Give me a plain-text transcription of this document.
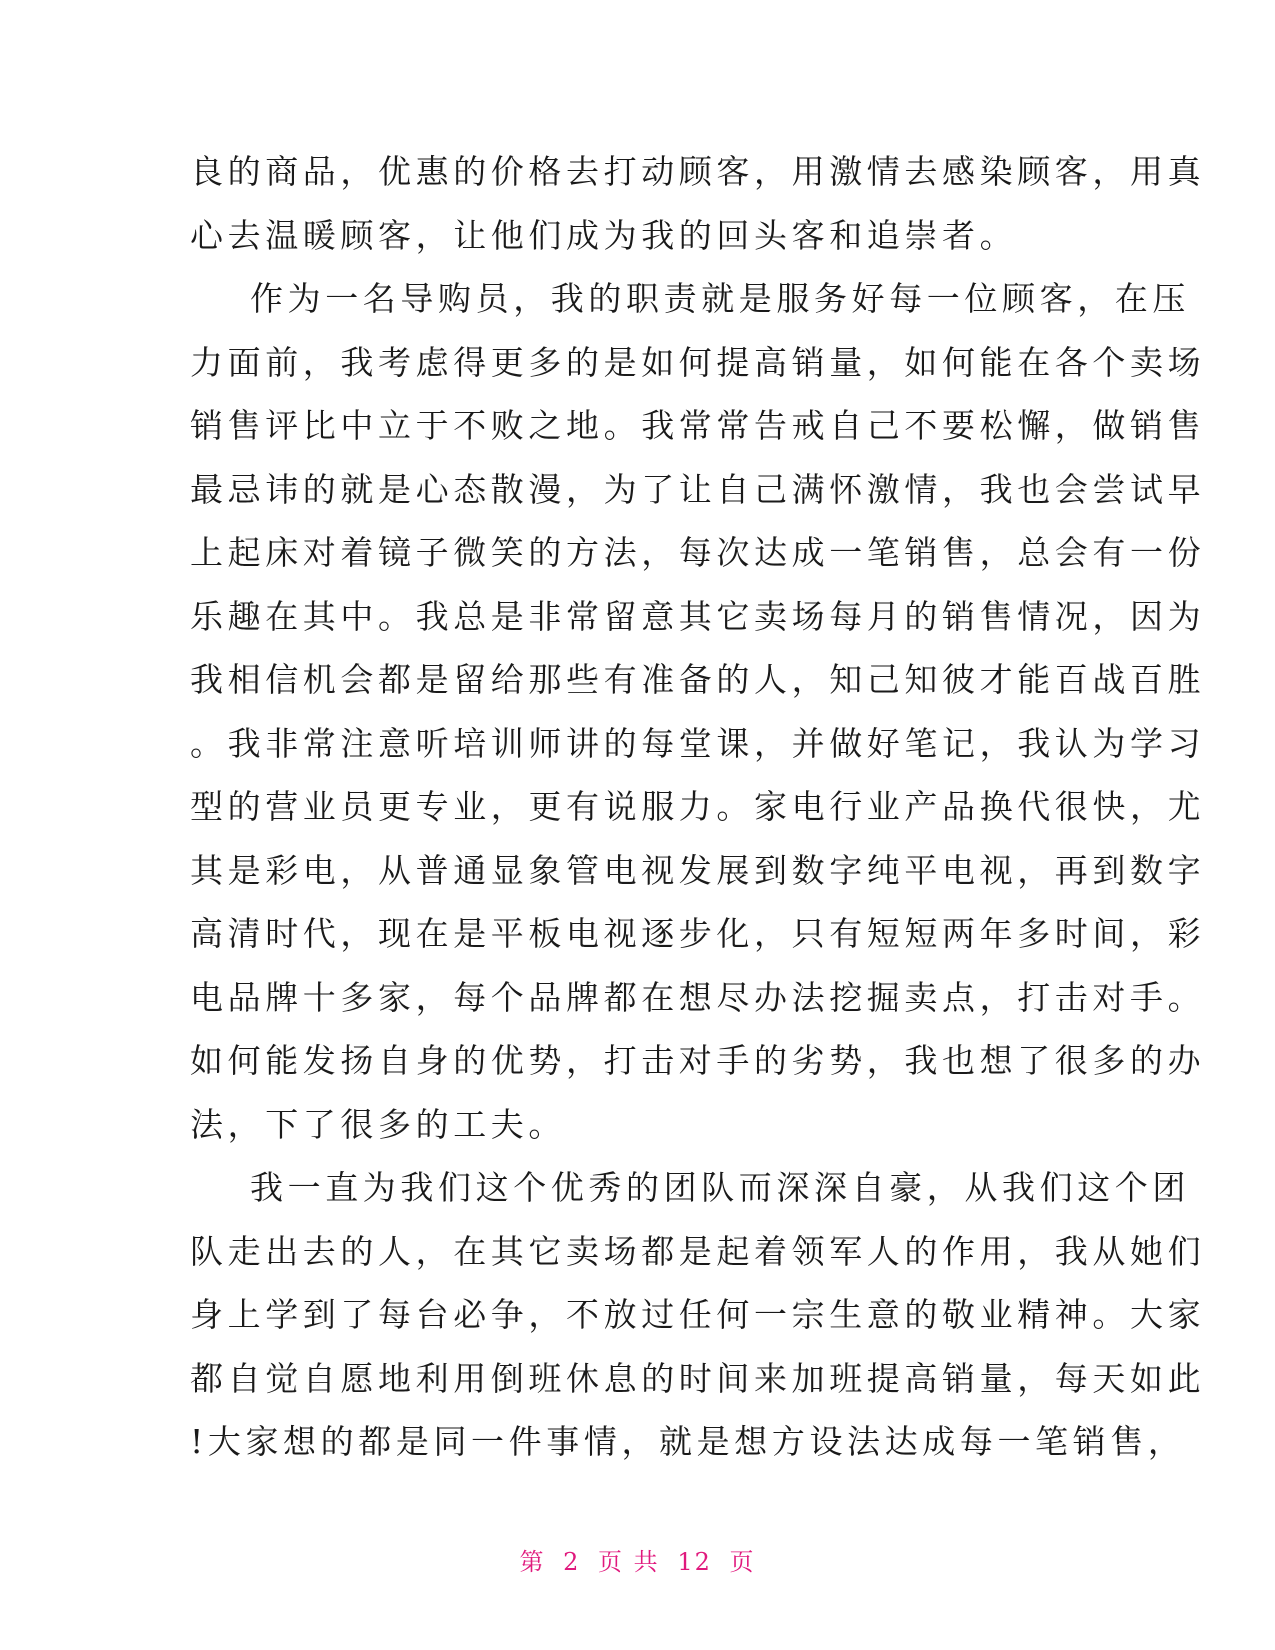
良的商品，优惠的价格去打动顾客，用激情去感染顾客，用真
心去温暖顾客，让他们成为我的回头客和追崇者。
作为一名导购员，我的职责就是服务好每一位顾客，在压
力面前，我考虑得更多的是如何提高销量，如何能在各个卖场
销售评比中立于不败之地。我常常告戒自己不要松懈，做销售
最忌讳的就是心态散漫，为了让自己满怀激情，我也会尝试早
上起床对着镜子微笑的方法，每次达成一笔销售，总会有一份
乐趣在其中。我总是非常留意其它卖场每月的销售情况，因为
我相信机会都是留给那些有准备的人，知己知彼才能百战百胜
。我非常注意听培训师讲的每堂课，并做好笔记，我认为学习
型的营业员更专业，更有说服力。家电行业产品换代很快，尤
其是彩电，从普通显象管电视发展到数字纯平电视，再到数字
高清时代，现在是平板电视逐步化，只有短短两年多时间，彩
电品牌十多家，每个品牌都在想尽办法挖掘卖点，打击对手。
如何能发扬自身的优势，打击对手的劣势，我也想了很多的办
法，下了很多的工夫。
我一直为我们这个优秀的团队而深深自豪，从我们这个团
队走出去的人，在其它卖场都是起着领军人的作用，我从她们
身上学到了每台必争，不放过任何一宗生意的敬业精神。大家
都自觉自愿地利用倒班休息的时间来加班提高销量，每天如此
!大家想的都是同一件事情，就是想方设法达成每一笔销售，
第 2 页 共 12 页
